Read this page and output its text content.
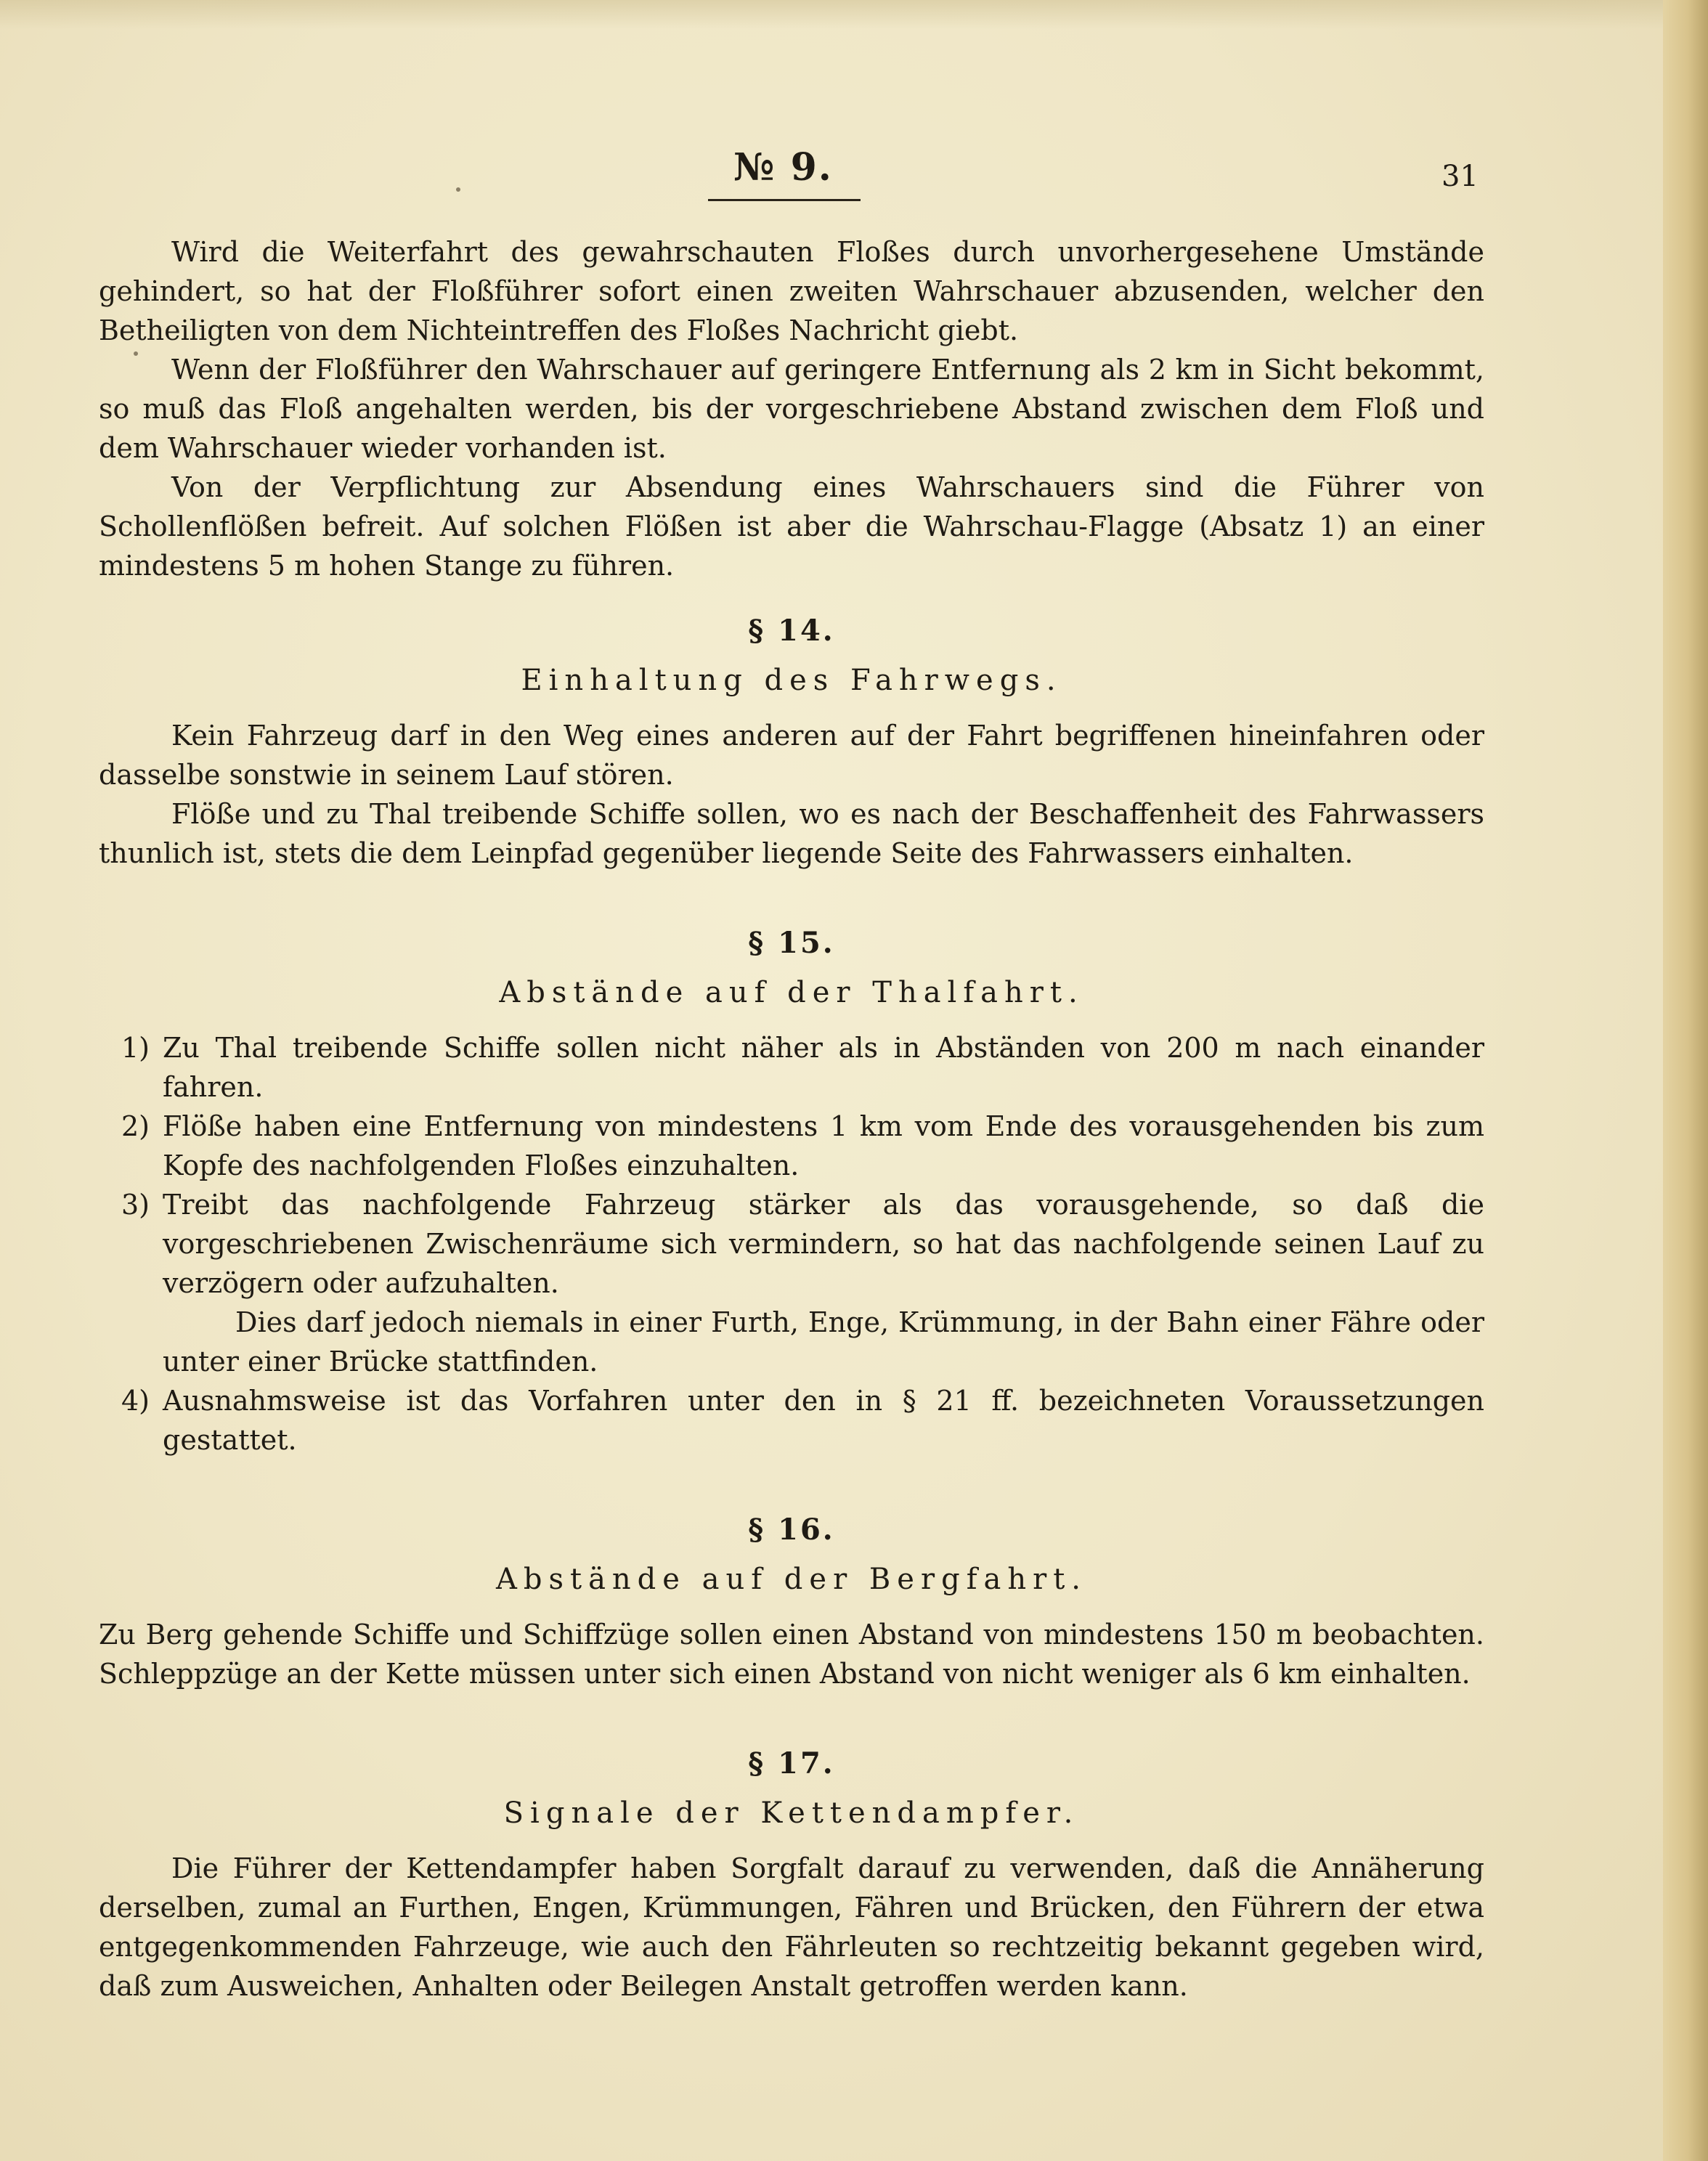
№ 9.	31

Wird die Weiterfahrt des gewahrschauten Floßes durch unvorhergesehene Umstände gehindert, so hat der Floßführer sofort einen zweiten Wahrschauer abzusenden, welcher den Betheiligten von dem Nichteintreffen des Floßes Nachricht giebt.

Wenn der Floßführer den Wahrschauer auf geringere Entfernung als 2 km in Sicht bekommt, so muß das Floß angehalten werden, bis der vorgeschriebene Abstand zwischen dem Floß und dem Wahrschauer wieder vorhanden ist.

Von der Verpflichtung zur Absendung eines Wahrschauers sind die Führer von Schollenflößen befreit. Auf solchen Flößen ist aber die Wahrschau-Flagge (Absatz 1) an einer mindestens 5 m hohen Stange zu führen.

§ 14.
Einhaltung des Fahrwegs.

Kein Fahrzeug darf in den Weg eines anderen auf der Fahrt begriffenen hineinfahren oder dasselbe sonstwie in seinem Lauf stören.

Flöße und zu Thal treibende Schiffe sollen, wo es nach der Beschaffenheit des Fahrwassers thunlich ist, stets die dem Leinpfad gegenüber liegende Seite des Fahrwassers einhalten.

§ 15.
Abstände auf der Thalfahrt.
1) Zu Thal treibende Schiffe sollen nicht näher als in Abständen von 200 m nach einander fahren.
2) Flöße haben eine Entfernung von mindestens 1 km vom Ende des vorausgehenden bis zum Kopfe des nachfolgenden Floßes einzuhalten.
3) Treibt das nachfolgende Fahrzeug stärker als das vorausgehende, so daß die vorgeschriebenen Zwischenräume sich vermindern, so hat das nachfolgende seinen Lauf zu verzögern oder aufzuhalten.

Dies darf jedoch niemals in einer Furth, Enge, Krümmung, in der Bahn einer Fähre oder unter einer Brücke stattfinden.

4) Ausnahmsweise ist das Vorfahren unter den in § 21 ff. bezeichneten Voraussetzungen gestattet.
§ 16.
Abstände auf der Bergfahrt.

Zu Berg gehende Schiffe und Schiffzüge sollen einen Abstand von mindestens 150 m beobachten. Schleppzüge an der Kette müssen unter sich einen Abstand von nicht weniger als 6 km einhalten.

§ 17.
Signale der Kettendampfer.

Die Führer der Kettendampfer haben Sorgfalt darauf zu verwenden, daß die Annäherung derselben, zumal an Furthen, Engen, Krümmungen, Fähren und Brücken, den Führern der etwa entgegenkommenden Fahrzeuge, wie auch den Fährleuten so rechtzeitig bekannt gegeben wird, daß zum Ausweichen, Anhalten oder Beilegen Anstalt getroffen werden kann.
